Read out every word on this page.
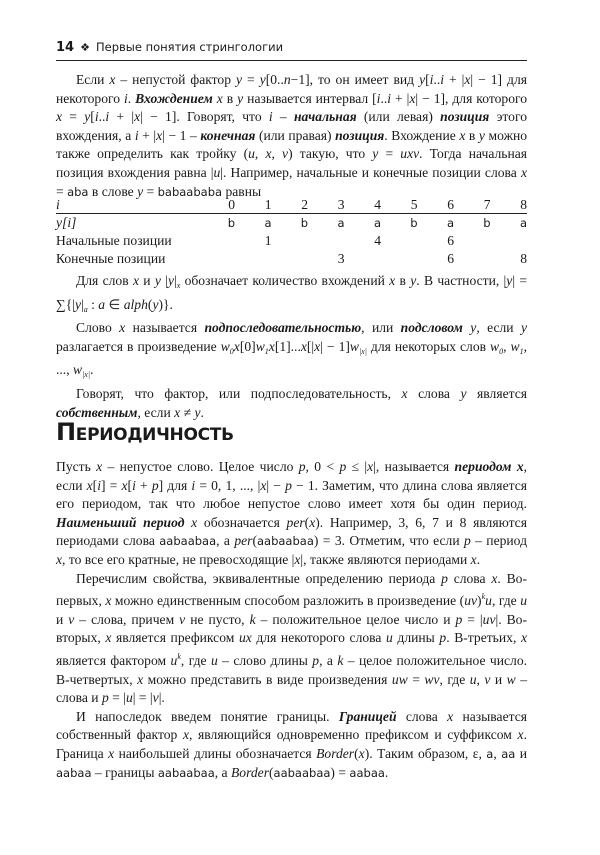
14 ❖ Первые понятия стрингологии

Если x – непустой фактор y = y[0..n−1], то он имеет вид y[i..i + |x| − 1] для некоторого i. Вхождением x в y называется интервал [i..i + |x| − 1], для которого x = y[i..i + |x| − 1]. Говорят, что i – начальная (или левая) позиция этого вхождения, а i + |x| − 1 – конечная (или правая) позиция. Вхождение x в y можно также определить как тройку (u, x, v) такую, что y = uxv. Тогда начальная позиция вхождения равна |u|. Например, начальные и конечные позиции слова x = aba в слове y = babaababa равны

i	0	1	2	3	4	5	6	7	8
y[i]	b	a	b	a	a	b	a	b	a
Начальные позиции		1			4		6		
Конечные позиции				3			6		8

Для слов x и y $|y|_x$ обозначает количество вхождений x в y. В частности, $|y| = \sum\{|y|_a$ : a ∈ alph(y)}.

Слово x называется подпоследовательностью, или подсловом y, если y разлагается в произведение $w_0x[0]w_1x[1]...x[|x| - 1]w_{|x|}$ для некоторых слов $w_0$, $w_1$, ..., $w_{|x|}$.

Говорят, что фактор, или подпоследовательность, x слова y является собственным, если x ≠ y.

Периодичность

Пусть x – непустое слово. Целое число p, 0 < p ≤ |x|, называется периодом x, если x[i] = x[i + p] для i = 0, 1, ..., |x| − p − 1. Заметим, что длина слова является его периодом, так что любое непустое слово имеет хотя бы один период. Наименьший период x обозначается per(x). Например, 3, 6, 7 и 8 являются периодами слова aabaabaa, а per(aabaabaa) = 3. Отметим, что если p – период x, то все его кратные, не превосходящие |x|, также являются периодами x.

Перечислим свойства, эквивалентные определению периода p слова x. Во-первых, x можно единственным способом разложить в произведение (uv)$^k$u, где u и v – слова, причем v не пусто, k – положительное целое число и p = |uv|. Во-вторых, x является префиксом ux для некоторого слова u длины p. В-третьих, x является фактором $u^k$, где u – слово длины p, а k – целое положительное число. В-четвертых, x можно представить в виде произведения uw = wv, где u, v и w – слова и p = |u| = |v|.

И напоследок введем понятие границы. Границей слова x называется собственный фактор x, являющийся одновременно префиксом и суффиксом x. Граница x наибольшей длины обозначается Border(x). Таким образом, ε, a, aa и aabaa – границы aabaabaa, а Border(aabaabaa) = aabaa.
